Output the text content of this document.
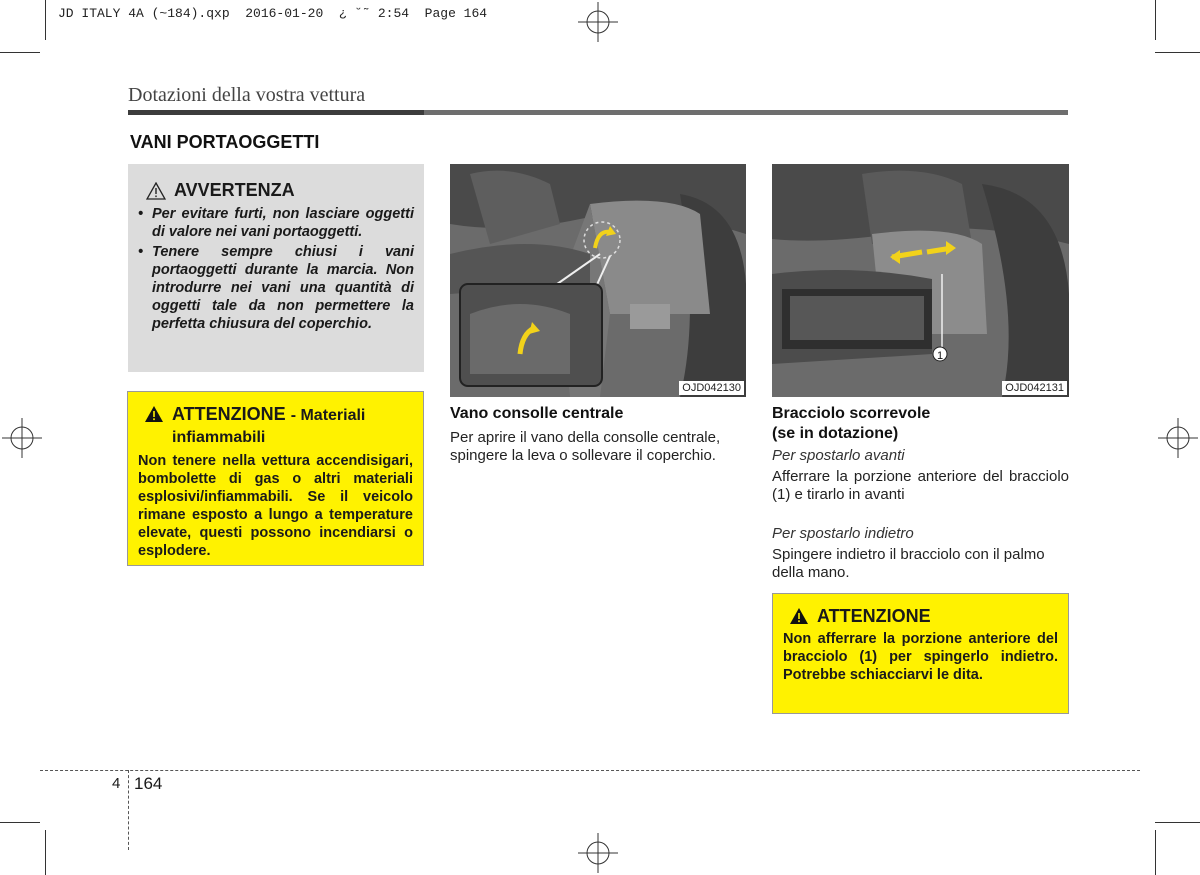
JD ITALY 4A (~184).qxp  2016-01-20  ¿ ˘˜ 2:54  Page 164
Dotazioni della vostra vettura
VANI PORTAOGGETTI
AVVERTENZA
• Per evitare furti, non lasciare oggetti di valore nei vani portaoggetti.
• Tenere sempre chiusi i vani portaoggetti durante la marcia. Non introdurre nei vani una quantità di oggetti tale da non permettere la perfetta chiusura del coperchio.
ATTENZIONE - Materiali
infiammabili
Non tenere nella vettura accendisigari, bombolette di gas o altri materiali esplosivi/infiammabili. Se il veicolo rimane esposto a lungo a temperature elevate, questi possono incendiarsi o esplodere.
OJD042130
1
OJD042131
Vano consolle centrale
Per aprire il vano della consolle centrale, spingere la leva o sollevare il coperchio.
Bracciolo scorrevole
(se in dotazione)
Per spostarlo avanti
Afferrare la porzione anteriore del bracciolo (1) e tirarlo in avanti
Per spostarlo indietro
Spingere indietro il bracciolo con il palmo della mano.
ATTENZIONE
Non afferrare la porzione anteriore del bracciolo (1) per spingerlo indietro. Potrebbe schiacciarvi le dita.
4 164
